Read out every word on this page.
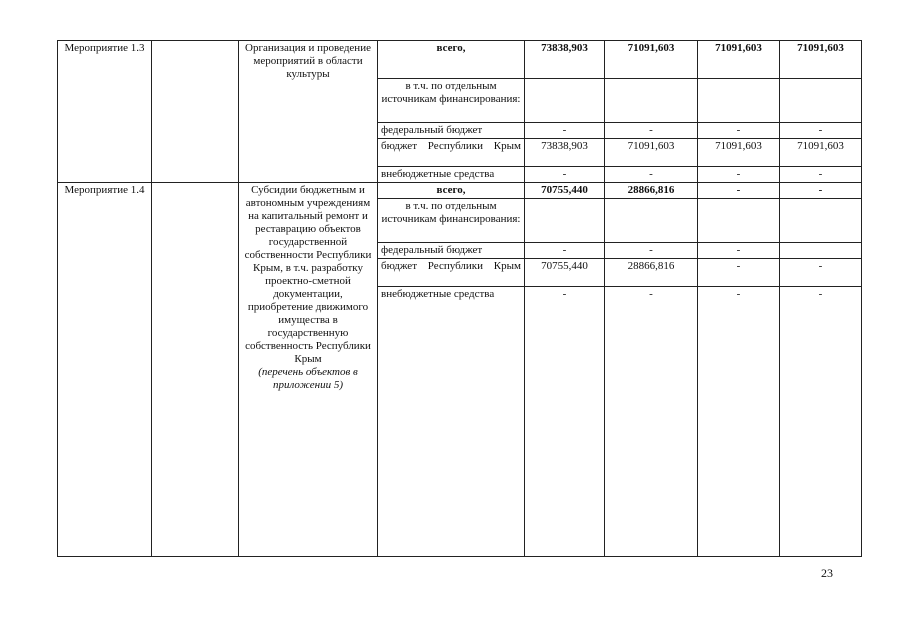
Мероприятие 1.3		Организация и проведение мероприятий в области культуры	всего,	73838,903	71091,603	71091,603	71091,603
			в т.ч. по отдельным источникам финансирования:				
			федеральный бюджет	-	-	-	-

			бюджет Республики Крым	73838,903	71091,603	71091,603	71091,603
			внебюджетные средства	-	-	-	-
Мероприятие 1.4		Субсидии бюджетным и автономным учреждениям на капитальный ремонт и реставрацию объектов государственной собственности Республики Крым, в т.ч. разработку проектно-сметной документации, приобретение движимого имущества в государственную собственность Республики Крым
(перечень объектов в приложении 5)	всего,	70755,440	28866,816	-	-
			в т.ч. по отдельным источникам финансирования:				
			федеральный бюджет	-	-	-	

			бюджет Республики Крым	70755,440	28866,816	-	-
			внебюджетные средства	-	-	-	-
23
